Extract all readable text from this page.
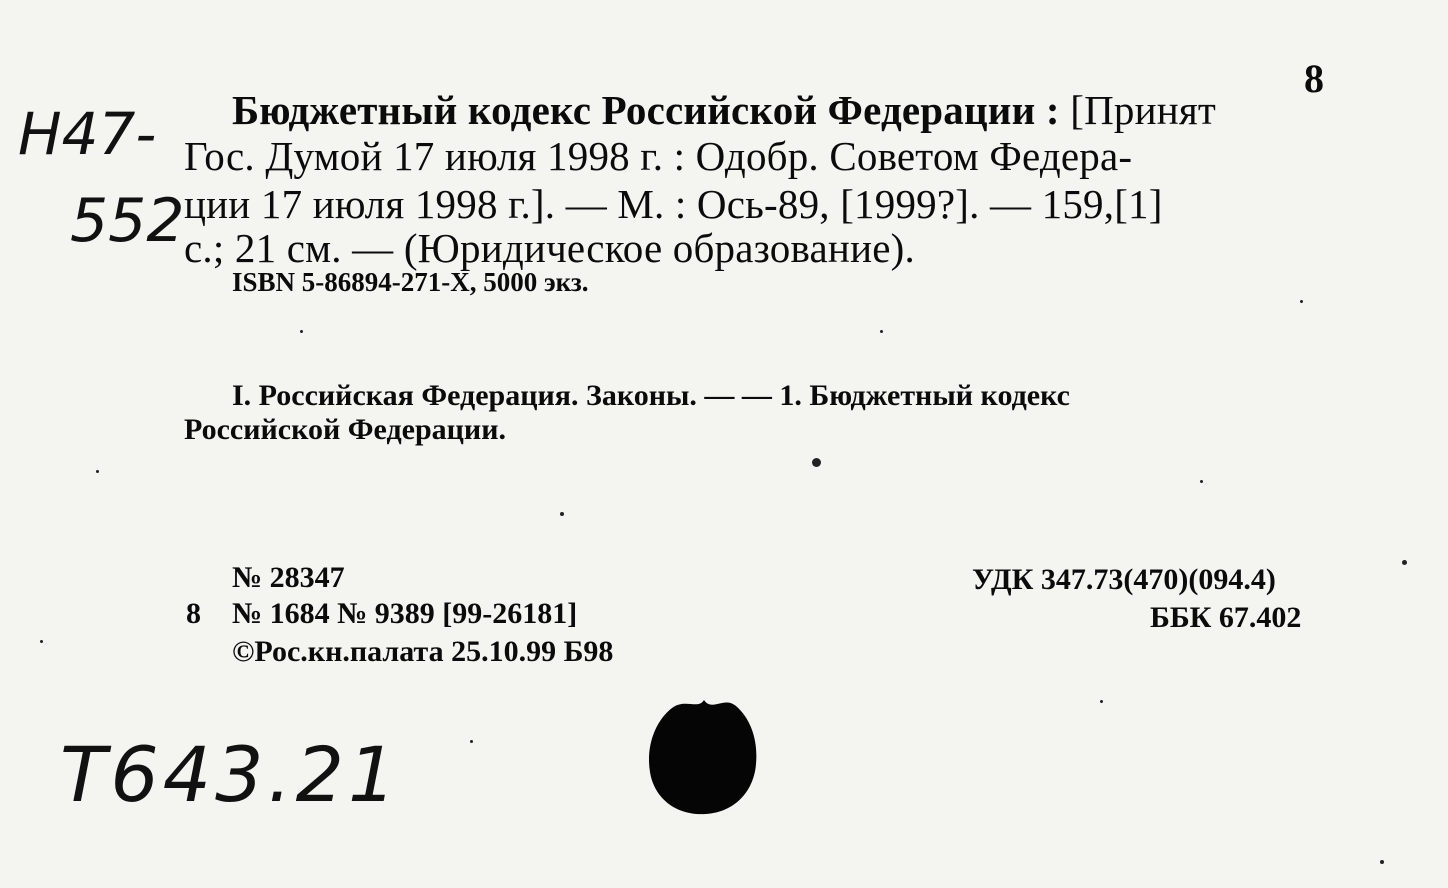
8
Н47-
552
Бюджетный кодекс Российской Федерации : [Принят
Гос. Думой 17 июля 1998 г. : Одобр. Советом Федера-
ции 17 июля 1998 г.]. — М. : Ось-89, [1999?]. — 159,[1]
с.; 21 см. — (Юридическое образование).
ISBN 5-86894-271-Х, 5000 экз.
I. Российская Федерация. Законы. — — 1. Бюджетный кодекс
Российской Федерации.
№ 28347
8 № 1684 № 9389 [99-26181]
©Рос.кн.палата 25.10.99 Б98
УДК 347.73(470)(094.4)
ББК 67.402
Т643.21
